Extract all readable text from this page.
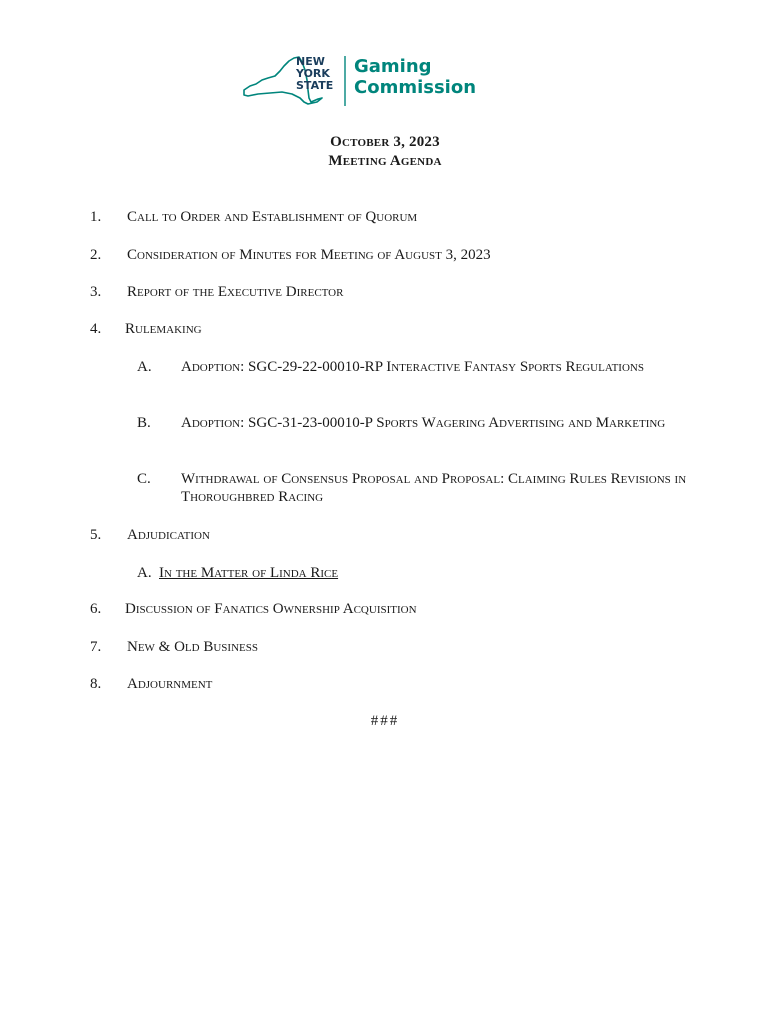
NEW
YORK
STATE
Gaming
Commission
October 3, 2023
Meeting Agenda
1. Call to Order and Establishment of Quorum
2. Consideration of Minutes for Meeting of August 3, 2023
3. Report of the Executive Director
4. Rulemaking
A. Adoption: SGC-29-22-00010-RP Interactive Fantasy Sports Regulations
B. Adoption: SGC-31-23-00010-P Sports Wagering Advertising and Marketing
C. Withdrawal of Consensus Proposal and Proposal: Claiming Rules Revisions in Thoroughbred Racing
5. Adjudication
A. In the Matter of Linda Rice
6. Discussion of Fanatics Ownership Acquisition
7. New & Old Business
8. Adjournment
###
